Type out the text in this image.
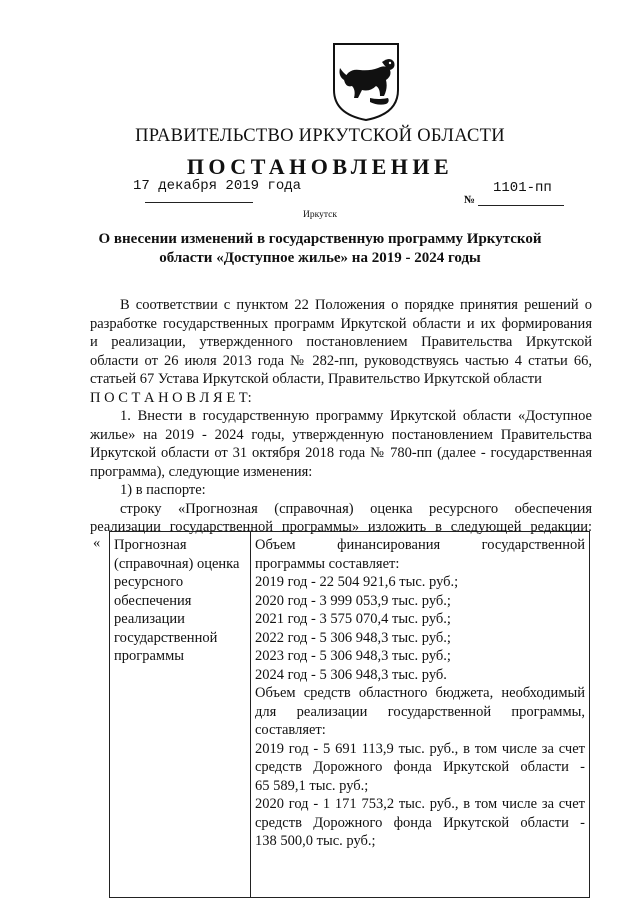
ПРАВИТЕЛЬСТВО ИРКУТСКОЙ ОБЛАСТИ
ПОСТАНОВЛЕНИЕ
17 декабря 2019 года
№
1101-пп
Иркутск
О внесении изменений в государственную программу Иркутской области «Доступное жилье» на 2019 - 2024 годы

В соответствии с пунктом 22 Положения о порядке принятия решений о

разработке государственных программ Иркутской области и их формирования

и реализации, утвержденного постановлением Правительства Иркутской

области от 26 июля 2013 года № 282-пп, руководствуясь частью 4 статьи 66,

статьей 67 Устава Иркутской области, Правительство Иркутской области

П О С Т А Н О В Л Я Е Т:

1. Внести в государственную программу Иркутской области «Доступное

жилье» на 2019 - 2024 годы, утвержденную постановлением Правительства

Иркутской области от 31 октября 2018 года № 780-пп (далее - государственная

программа), следующие изменения:

1) в паспорте:

строку «Прогнозная (справочная) оценка ресурсного обеспечения

реализации государственной программы» изложить в следующей редакции:

« Прогнозная
(справочная) оценка
ресурсного
обеспечения
реализации
государственной
программы
Объем финансирования государственной
программы составляет:
2019 год - 22 504 921,6 тыс. руб.;
2020 год - 3 999 053,9 тыс. руб.;
2021 год - 3 575 070,4 тыс. руб.;
2022 год - 5 306 948,3 тыс. руб.;
2023 год - 5 306 948,3 тыс. руб.;
2024 год - 5 306 948,3 тыс. руб.
Объем средств областного бюджета, необходимый
для реализации государственной программы,
составляет:
2019 год - 5 691 113,9 тыс. руб., в том числе за счет
средств Дорожного фонда Иркутской области -
65 589,1 тыс. руб.;
2020 год - 1 171 753,2 тыс. руб., в том числе за счет
средств Дорожного фонда Иркутской области -
138 500,0 тыс. руб.;
